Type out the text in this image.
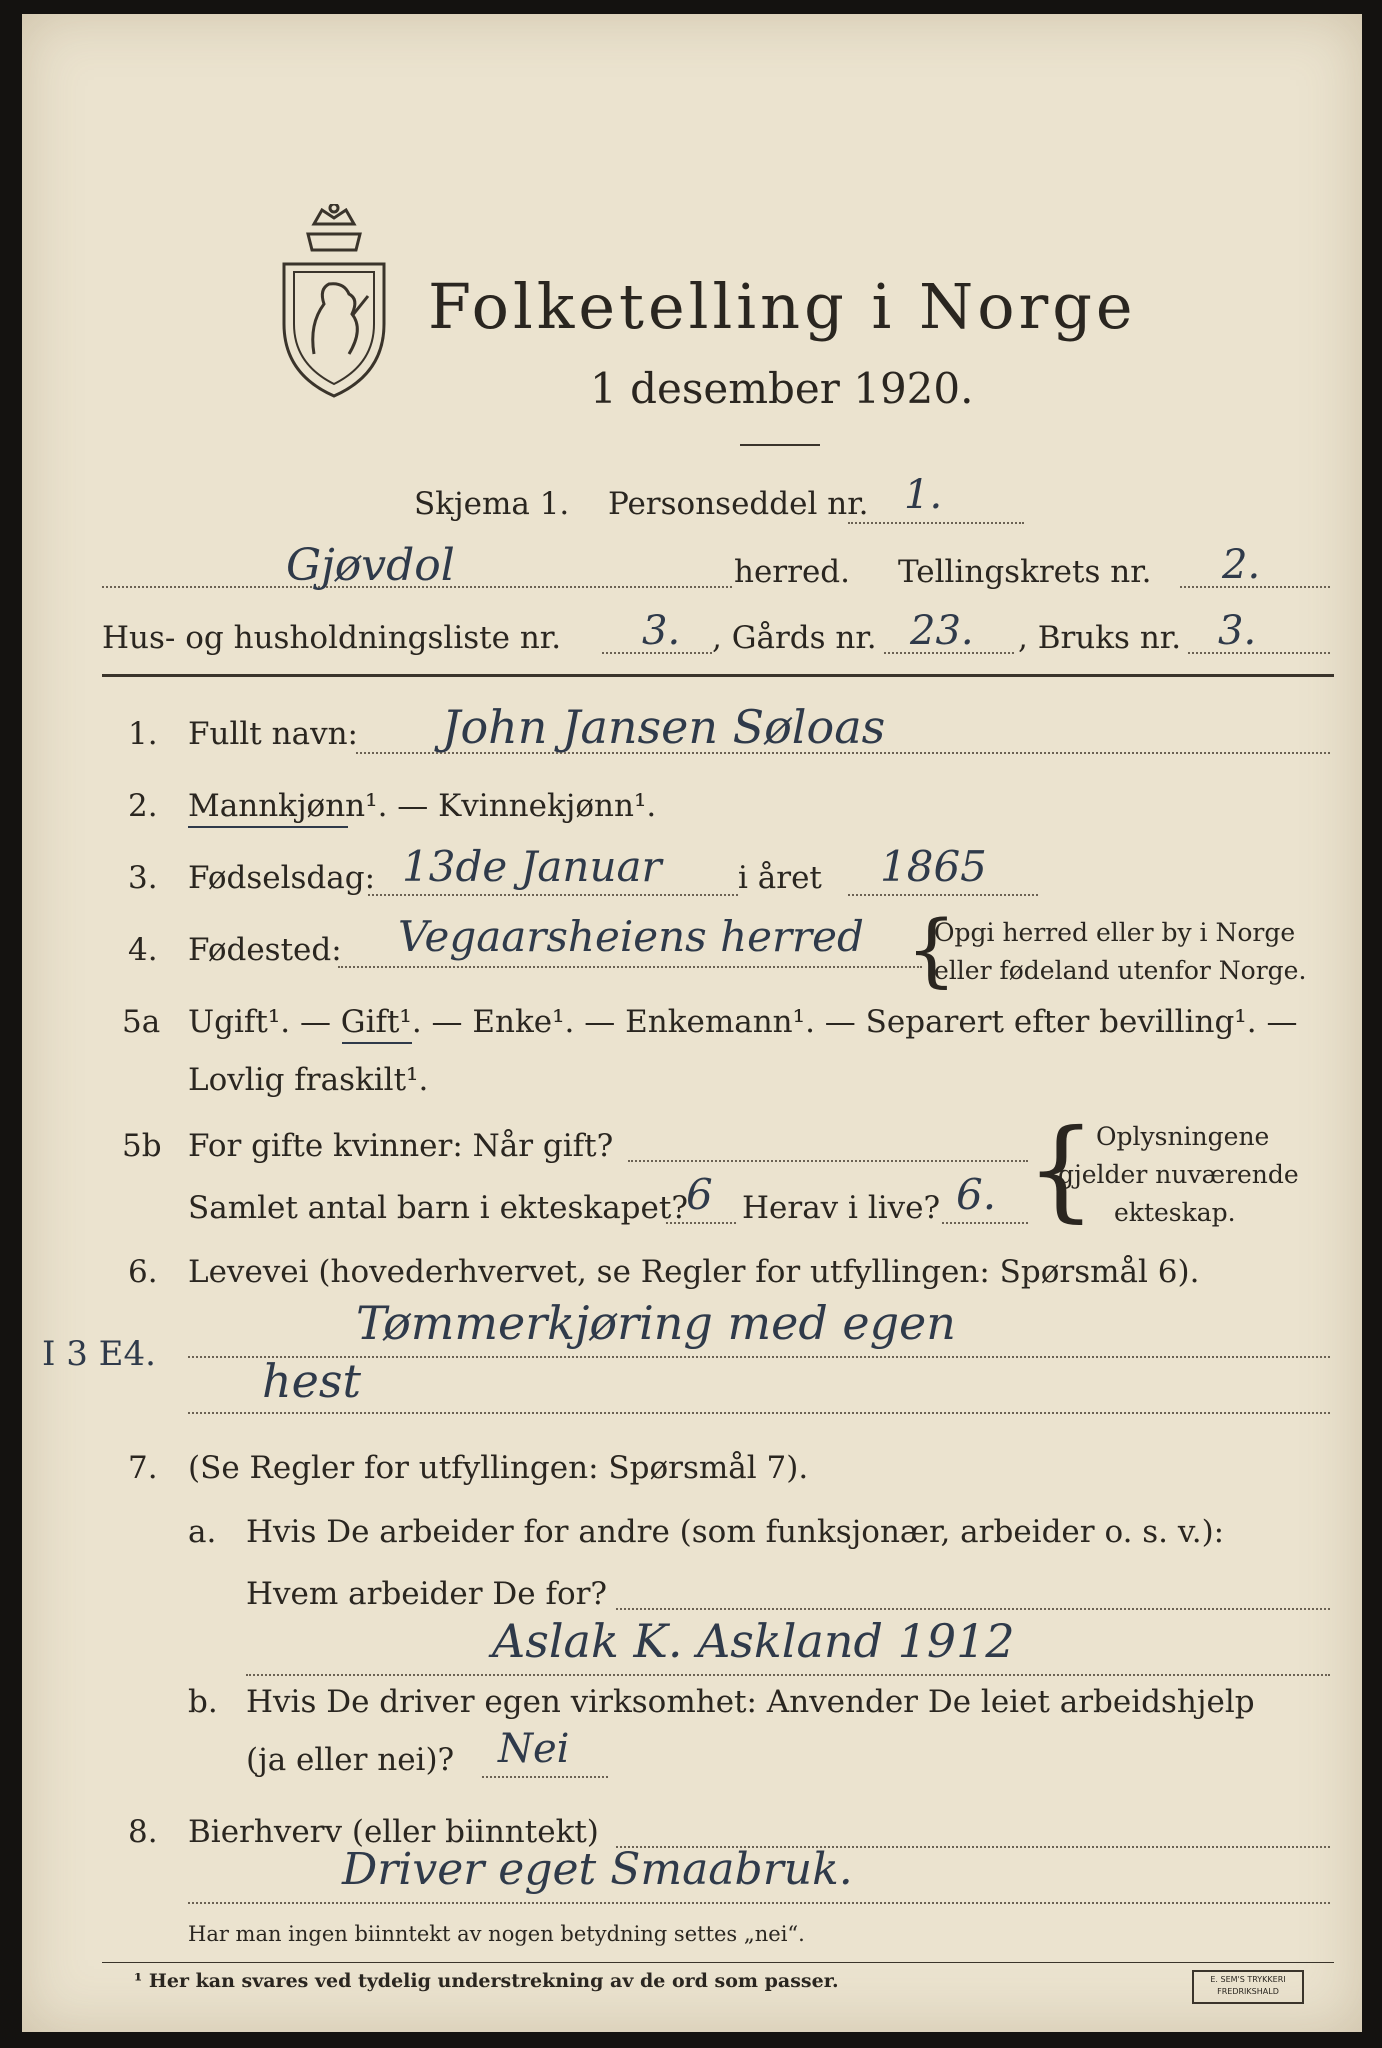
Folketelling i Norge
1 desember 1920.
Skjema 1. Personseddel nr. 1.
Gjøvdol	herred. Tellingskrets nr. 2.
Hus- og husholdningsliste nr. 3. , Gårds nr. 23. , Bruks nr. 3.
1. Fullt navn: John Jansen Søloas
2. Mannkjønn¹. — Kvinnekjønn¹.
3. Fødselsdag: 13de Januar i året 1865
4. Fødested: Vegaarsheiens herred {
Opgi herred eller by i Norge
eller fødeland utenfor Norge.
5a Ugift¹. — Gift¹. — Enke¹. — Enkemann¹. — Separert efter bevilling¹. —
Lovlig fraskilt¹.
5b For gifte kvinner: Når gift?
Samlet antal barn i ekteskapet?
6 Herav i live? 6. { Oplysningene
gjelder nuværende
ekteskap.
6. Levevei (hovederhvervet, se Regler for utfyllingen: Spørsmål 6).
I 3 E4.
Tømmerkjøring med egen
hest
7. (Se Regler for utfyllingen: Spørsmål 7).
a. Hvis De arbeider for andre (som funksjonær, arbeider o. s. v.):
Hvem arbeider De for?
Aslak K. Askland 1912
b. Hvis De driver egen virksomhet: Anvender De leiet arbeidshjelp
(ja eller nei)? Nei
8. Bierhverv (eller biinntekt)
Driver eget Smaabruk.
Har man ingen biinntekt av nogen betydning settes „nei“.
¹ Her kan svares ved tydelig understrekning av de ord som passer.	E. SEM'S TRYKKERI FREDRIKSHALD
